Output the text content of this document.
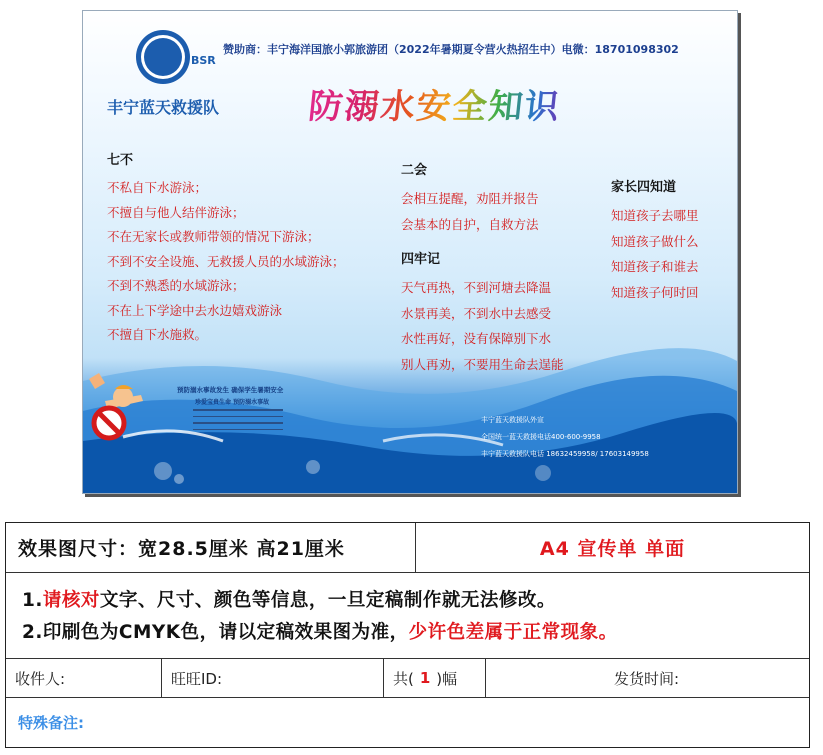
BSR
丰宁蓝天救援队
赞助商：丰宁海洋国旅小郭旅游团（2022年暑期夏令营火热招生中）电微：18701098302
防溺水安全知识
七不
不私自下水游泳；
不擅自与他人结伴游泳；
不在无家长或教师带领的情况下游泳；
不到不安全设施、无救援人员的水域游泳；
不到不熟悉的水域游泳；
不在上下学途中去水边嬉戏游泳
不擅自下水施救。
二会
会相互提醒，劝阻并报告
会基本的自护，自救方法
四牢记
天气再热，不到河塘去降温
水景再美，不到水中去感受
水性再好，没有保障别下水
别人再劝，不要用生命去逞能
家长四知道
知道孩子去哪里
知道孩子做什么
知道孩子和谁去
知道孩子何时回
预防溺水事故发生 确保学生暑期安全
珍爱宝贵生命 预防溺水事故
丰宁蓝天救援队外宣
全国统一蓝天救援电话400-600-9958
丰宁蓝天救援队电话 18632459958/ 17603149958
效果图尺寸：宽28.5厘米 高21厘米	A4 宣传单 单面
1.请核对文字、尺寸、颜色等信息，一旦定稿制作就无法修改。
2.印刷色为CMYK色，请以定稿效果图为准，少许色差属于正常现象。
收件人:	旺旺ID:	共( 1 )幅	发货时间:
特殊备注:
